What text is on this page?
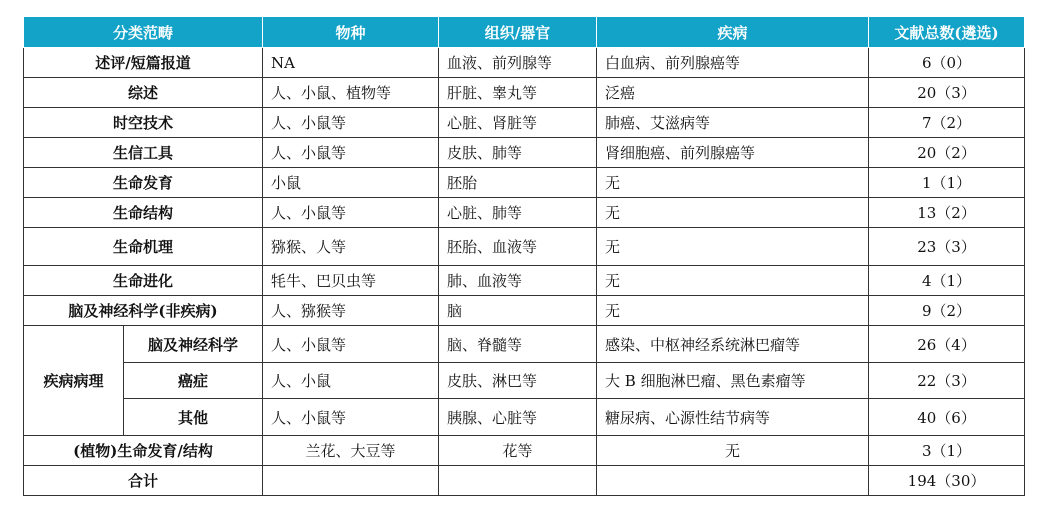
分类范畴		物种	组织/器官	疾病	文献总数(遴选)
述评/短篇报道		NA	血液、前列腺等	白血病、前列腺癌等	6（0）
综述		人、小鼠、植物等	肝脏、睾丸等	泛癌	20（3）
时空技术		人、小鼠等	心脏、肾脏等	肺癌、艾滋病等	7（2）
生信工具		人、小鼠等	皮肤、肺等	肾细胞癌、前列腺癌等	20（2）
生命发育		小鼠	胚胎	无	1（1）
生命结构		人、小鼠等	心脏、肺等	无	13（2）
生命机理		猕猴、人等	胚胎、血液等	无	23（3）
生命进化		牦牛、巴贝虫等	肺、血液等	无	4（1）
脑及神经科学(非疾病)		人、猕猴等	脑	无	9（2）
疾病病理	脑及神经科学	人、小鼠等	脑、脊髓等	感染、中枢神经系统淋巴瘤等	26（4）
	癌症	人、小鼠	皮肤、淋巴等	大 B 细胞淋巴瘤、黑色素瘤等	22（3）
	其他	人、小鼠等	胰腺、心脏等	糖尿病、心源性结节病等	40（6）
(植物)生命发育/结构		兰花、大豆等	花等	无	3（1）
合计					194（30）
